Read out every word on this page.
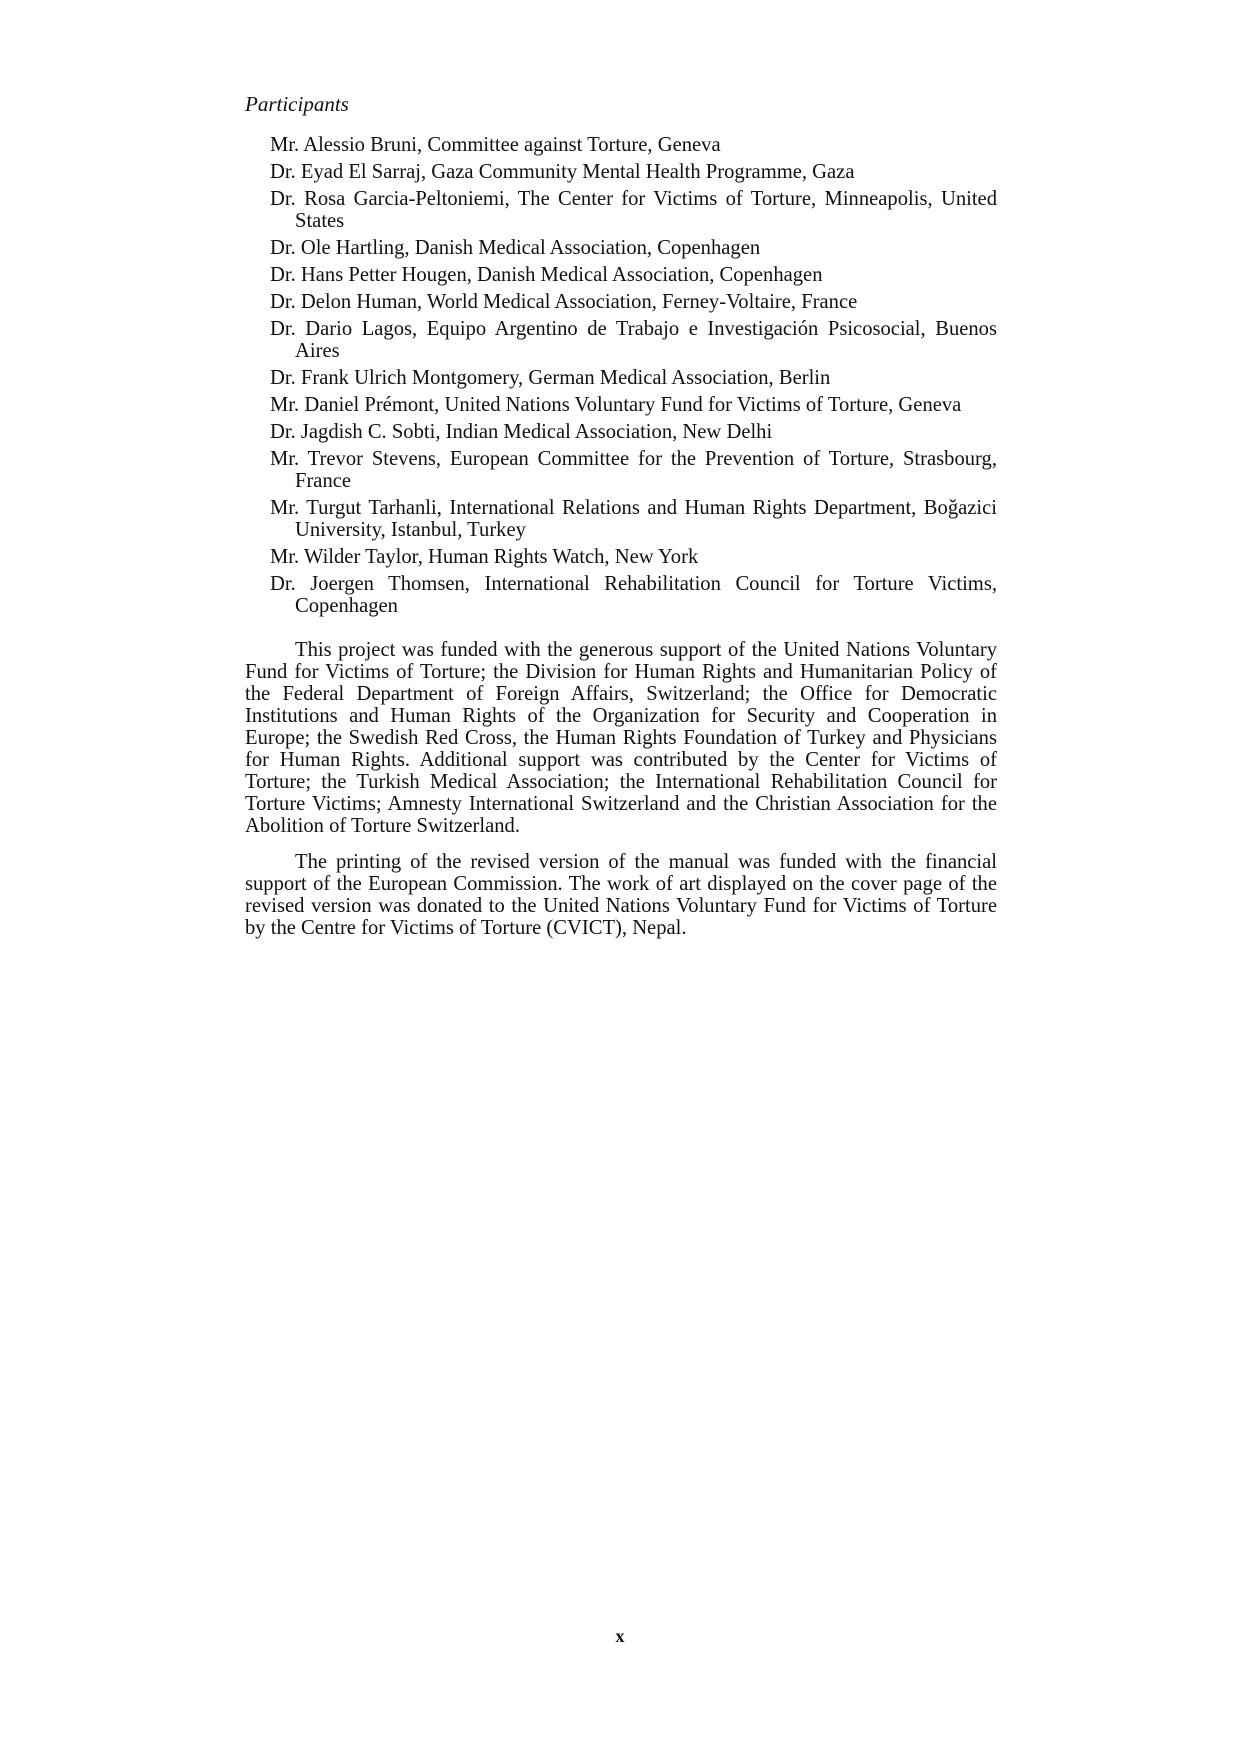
Participants
Mr. Alessio Bruni, Committee against Torture, Geneva
Dr. Eyad El Sarraj, Gaza Community Mental Health Programme, Gaza
Dr. Rosa Garcia-Peltoniemi, The Center for Victims of Torture, Minneapolis, United States
Dr. Ole Hartling, Danish Medical Association, Copenhagen
Dr. Hans Petter Hougen, Danish Medical Association, Copenhagen
Dr. Delon Human, World Medical Association, Ferney-Voltaire, France
Dr. Dario Lagos, Equipo Argentino de Trabajo e Investigación Psicosocial, Buenos Aires
Dr. Frank Ulrich Montgomery, German Medical Association, Berlin
Mr. Daniel Prémont, United Nations Voluntary Fund for Victims of Torture, Geneva
Dr. Jagdish C. Sobti, Indian Medical Association, New Delhi
Mr. Trevor Stevens, European Committee for the Prevention of Torture, Strasbourg, France
Mr. Turgut Tarhanli, International Relations and Human Rights Department, Boǧazici University, Istanbul, Turkey
Mr. Wilder Taylor, Human Rights Watch, New York
Dr. Joergen Thomsen, International Rehabilitation Council for Torture Victims, Copenhagen

This project was funded with the generous support of the United Nations Voluntary Fund for Victims of Torture; the Division for Human Rights and Humanitarian Policy of the Federal Department of Foreign Affairs, Switzerland; the Office for Democratic Institutions and Human Rights of the Organization for Security and Cooperation in Europe; the Swedish Red Cross, the Human Rights Foundation of Turkey and Physicians for Human Rights. Additional support was contributed by the Center for Victims of Torture; the Turkish Medical Association; the International Rehabilitation Council for Torture Victims; Amnesty International Switzerland and the Christian Association for the Abolition of Torture Switzerland.

The printing of the revised version of the manual was funded with the financial support of the European Commission. The work of art displayed on the cover page of the revised version was donated to the United Nations Voluntary Fund for Victims of Torture by the Centre for Victims of Torture (CVICT), Nepal.

x
